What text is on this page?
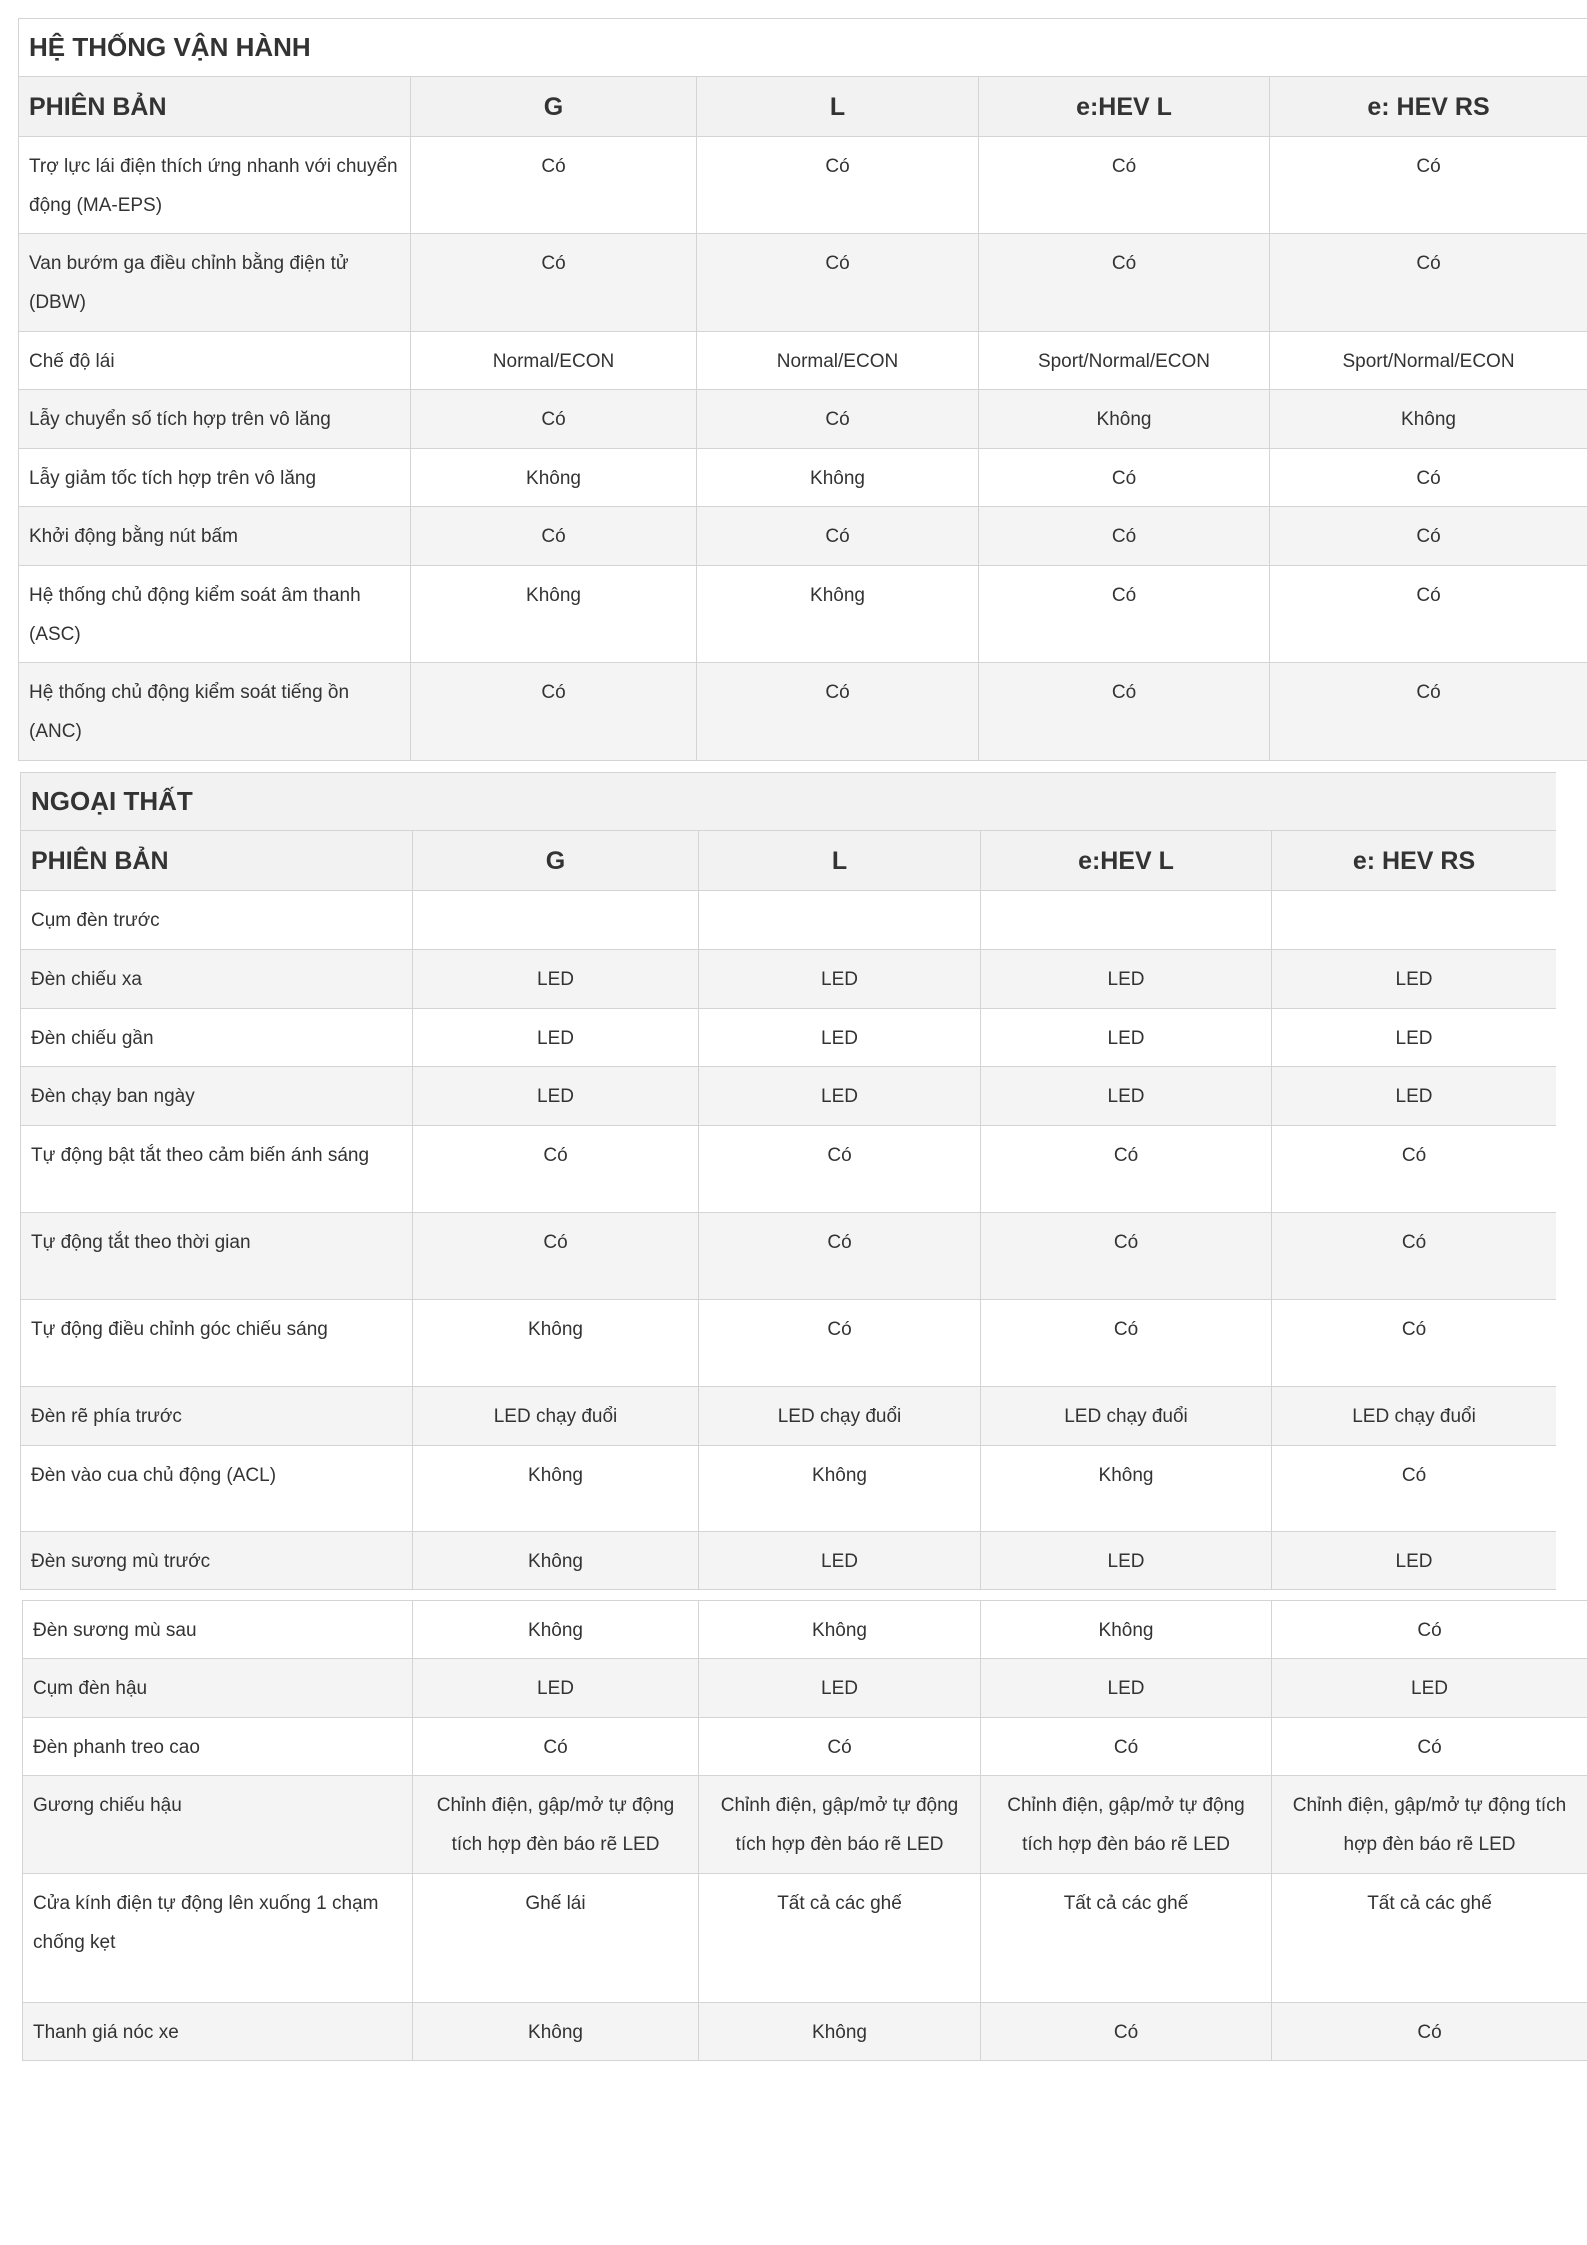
HỆ THỐNG VẬN HÀNH				
PHIÊN BẢN	G	L	e:HEV L	e: HEV RS
Trợ lực lái điện thích ứng nhanh với chuyển động (MA-EPS)	Có	Có	Có	Có
Van bướm ga điều chỉnh bằng điện tử (DBW)	Có	Có	Có	Có
Chế độ lái	Normal/ECON	Normal/ECON	Sport/Normal/ECON	Sport/Normal/ECON
Lẫy chuyển số tích hợp trên vô lăng	Có	Có	Không	Không
Lẫy giảm tốc tích hợp trên vô lăng	Không	Không	Có	Có
Khởi động bằng nút bấm	Có	Có	Có	Có
Hệ thống chủ động kiểm soát âm thanh (ASC)	Không	Không	Có	Có
Hệ thống chủ động kiểm soát tiếng ồn (ANC)	Có	Có	Có	Có
NGOẠI THẤT				
PHIÊN BẢN	G	L	e:HEV L	e: HEV RS
Cụm đèn trước				
Đèn chiếu xa	LED	LED	LED	LED
Đèn chiếu gần	LED	LED	LED	LED
Đèn chạy ban ngày	LED	LED	LED	LED
Tự động bật tắt theo cảm biến ánh sáng	Có	Có	Có	Có
Tự động tắt theo thời gian	Có	Có	Có	Có
Tự động điều chỉnh góc chiếu sáng	Không	Có	Có	Có
Đèn rẽ phía trước	LED chạy đuổi	LED chạy đuổi	LED chạy đuổi	LED chạy đuổi
Đèn vào cua chủ động (ACL)	Không	Không	Không	Có
Đèn sương mù trước	Không	LED	LED	LED
Đèn sương mù sau	Không	Không	Không	Có
Cụm đèn hậu	LED	LED	LED	LED
Đèn phanh treo cao	Có	Có	Có	Có
Gương chiếu hậu	Chỉnh điện, gập/mở tự động tích hợp đèn báo rẽ LED	Chỉnh điện, gập/mở tự động tích hợp đèn báo rẽ LED	Chỉnh điện, gập/mở tự động tích hợp đèn báo rẽ LED	Chỉnh điện, gập/mở tự động tích hợp đèn báo rẽ LED
Cửa kính điện tự động lên xuống 1 chạm chống kẹt	Ghế lái	Tất cả các ghế	Tất cả các ghế	Tất cả các ghế
Thanh giá nóc xe	Không	Không	Có	Có
